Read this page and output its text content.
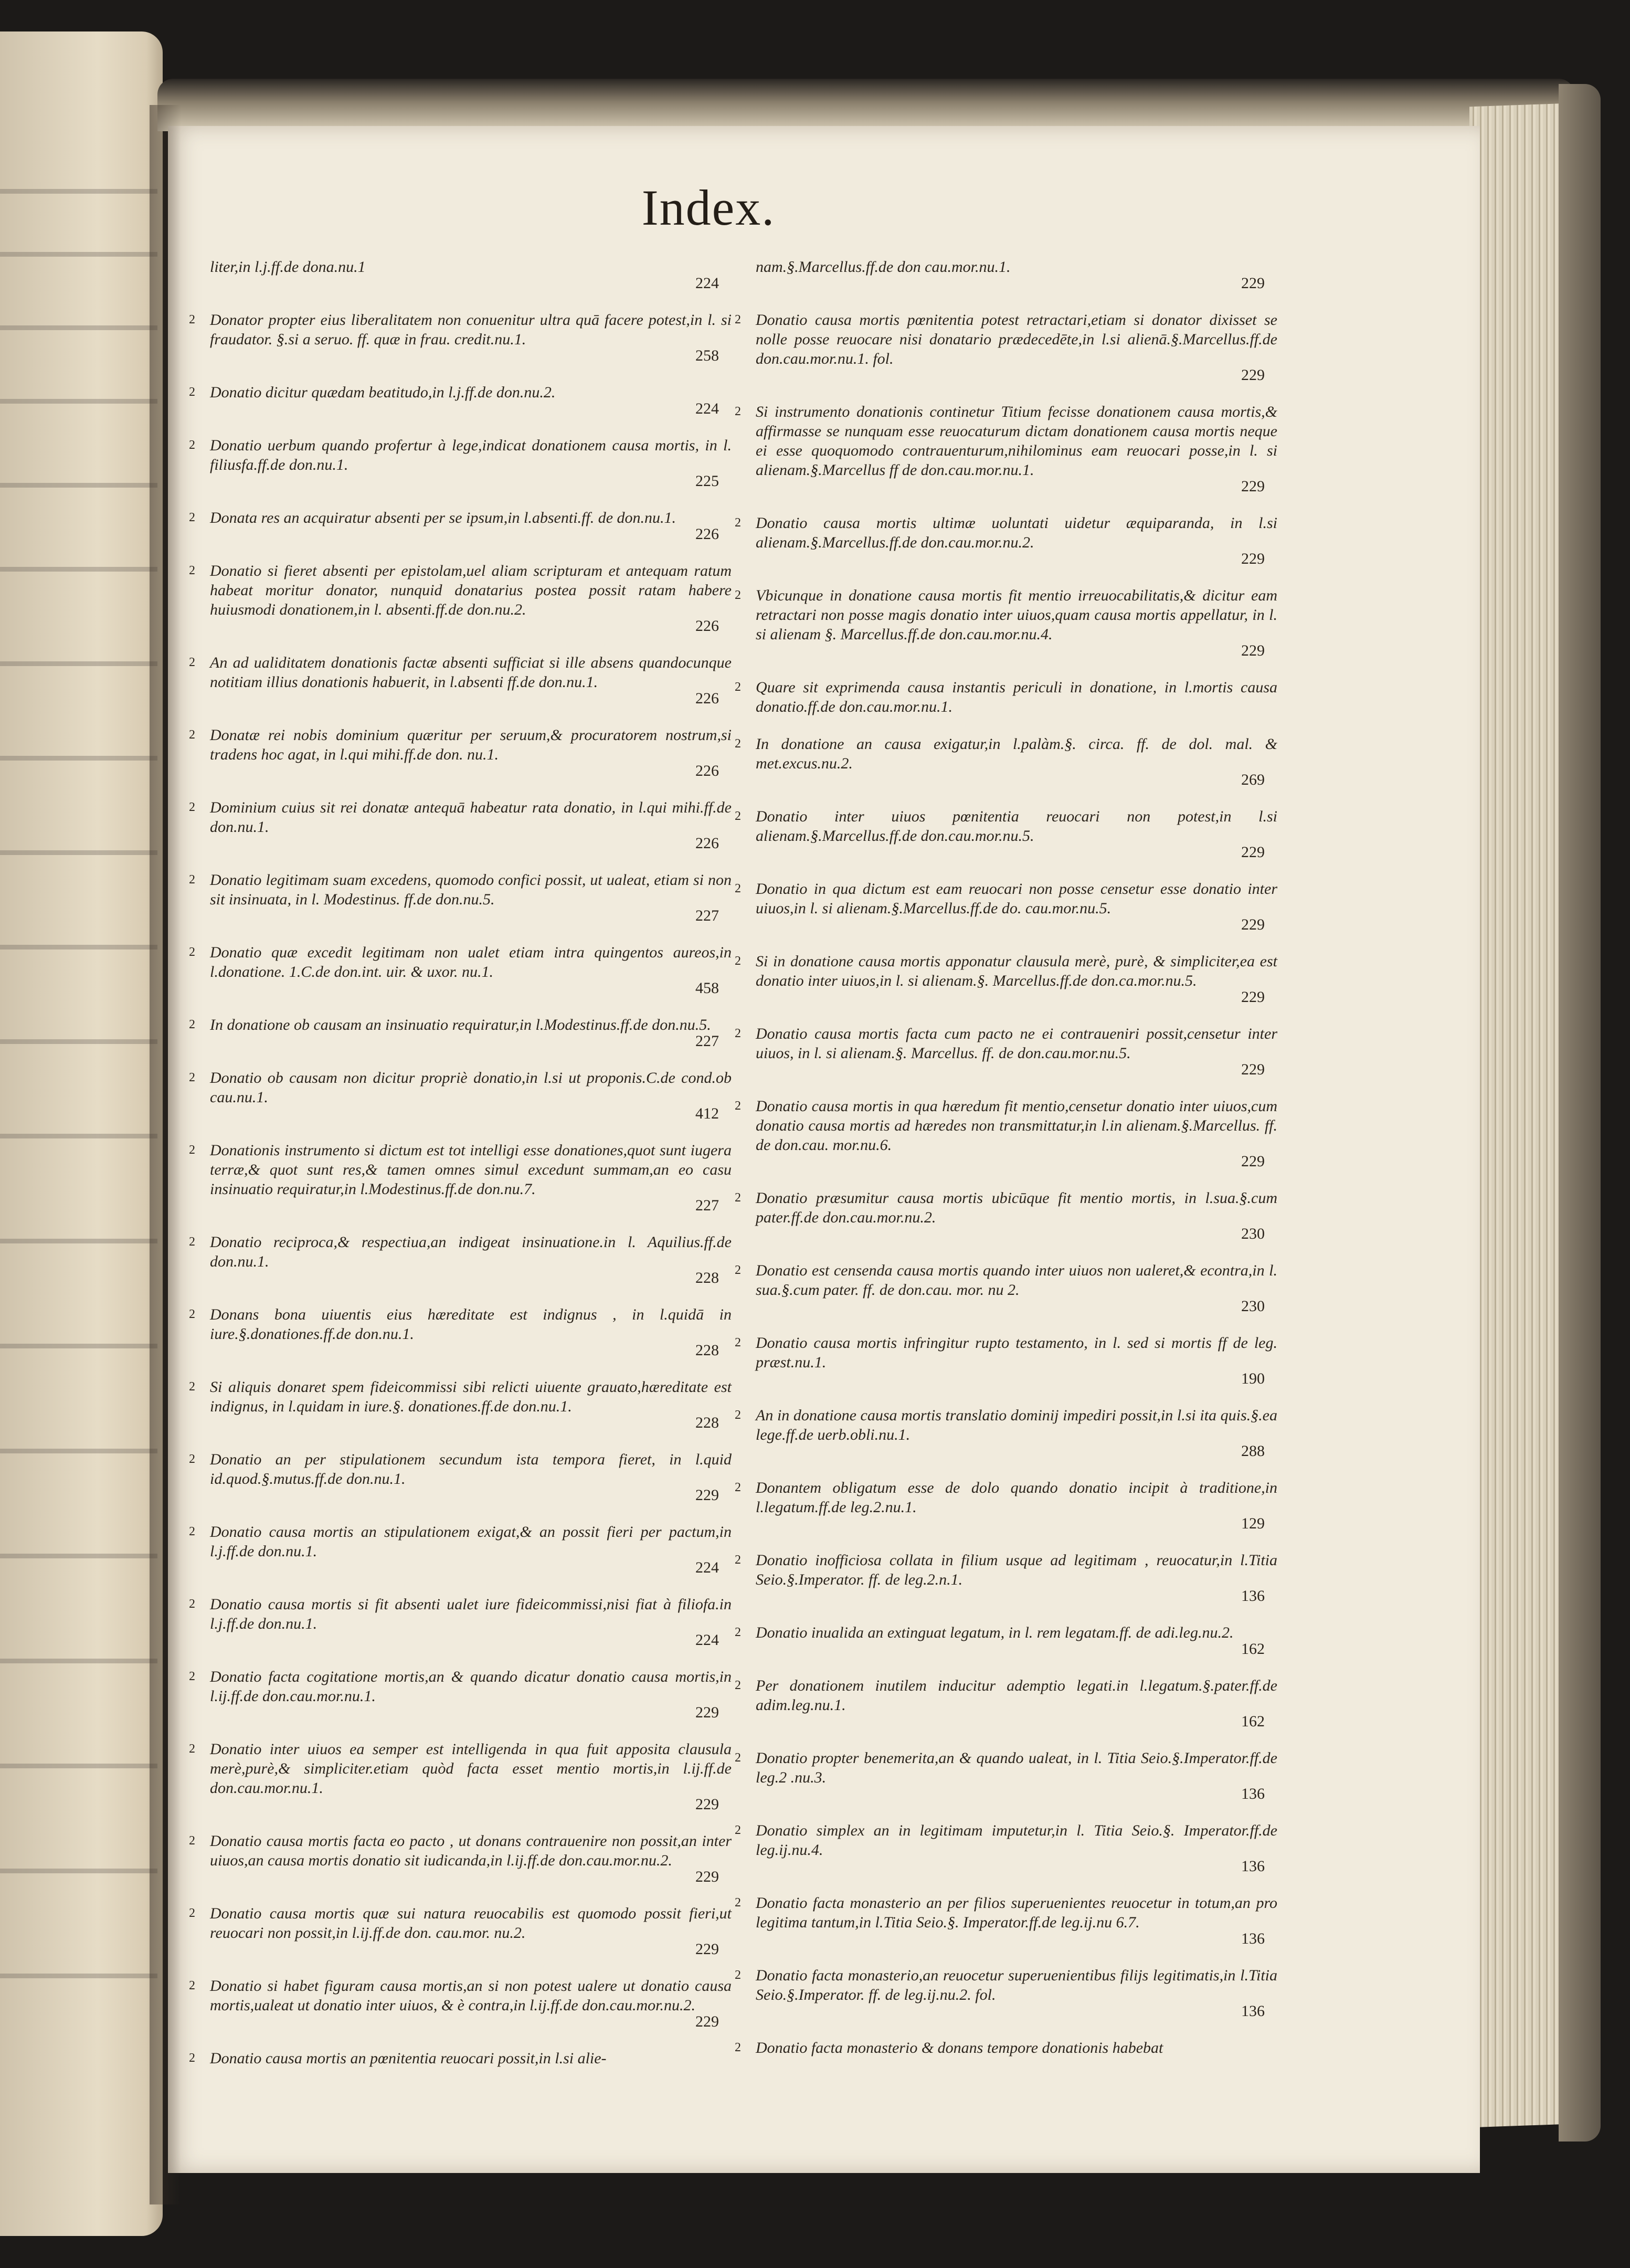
Index.
liter,in l.j.ff.de dona.nu.1
224
2 Donator propter eius liberalitatem non conuenitur ultra quā facere potest,in l. si fraudator. §.si a seruo. ff. quæ in frau. credit.nu.1.
258
2 Donatio dicitur quædam beatitudo,in l.j.ff.de don.nu.2.
224
2 Donatio uerbum quando profertur à lege,indicat donationem causa mortis, in l. filiusfa.ff.de don.nu.1.
225
2 Donata res an acquiratur absenti per se ipsum,in l.absenti.ff. de don.nu.1.
226
2 Donatio si fieret absenti per epistolam,uel aliam scripturam et antequam ratum habeat moritur donator, nunquid donatarius postea possit ratam habere huiusmodi donationem,in l. absenti.ff.de don.nu.2.
226
2 An ad ualiditatem donationis factæ absenti sufficiat si ille absens quandocunque notitiam illius donationis habuerit, in l.absenti ff.de don.nu.1.
226
2 Donatæ rei nobis dominium quæritur per seruum,& procuratorem nostrum,si tradens hoc agat, in l.qui mihi.ff.de don. nu.1.
226
2 Dominium cuius sit rei donatæ antequā habeatur rata donatio, in l.qui mihi.ff.de don.nu.1.
226
2 Donatio legitimam suam excedens, quomodo confici possit, ut ualeat, etiam si non sit insinuata, in l. Modestinus. ff.de don.nu.5.
227
2 Donatio quæ excedit legitimam non ualet etiam intra quingentos aureos,in l.donatione. 1.C.de don.int. uir. & uxor. nu.1.
458
2 In donatione ob causam an insinuatio requiratur,in l.Modestinus.ff.de don.nu.5.
227
2 Donatio ob causam non dicitur propriè donatio,in l.si ut proponis.C.de cond.ob cau.nu.1.
412
2 Donationis instrumento si dictum est tot intelligi esse donationes,quot sunt iugera terræ,& quot sunt res,& tamen omnes simul excedunt summam,an eo casu insinuatio requiratur,in l.Modestinus.ff.de don.nu.7.
227
2 Donatio reciproca,& respectiua,an indigeat insinuatione.in l. Aquilius.ff.de don.nu.1.
228
2 Donans bona uiuentis eius hæreditate est indignus , in l.quidā in iure.§.donationes.ff.de don.nu.1.
228
2 Si aliquis donaret spem fideicommissi sibi relicti uiuente grauato,hæreditate est indignus, in l.quidam in iure.§. donationes.ff.de don.nu.1.
228
2 Donatio an per stipulationem secundum ista tempora fieret, in l.quid id.quod.§.mutus.ff.de don.nu.1.
229
2 Donatio causa mortis an stipulationem exigat,& an possit fieri per pactum,in l.j.ff.de don.nu.1.
224
2 Donatio causa mortis si fit absenti ualet iure fideicommissi,nisi fiat à filiofa.in l.j.ff.de don.nu.1.
224
2 Donatio facta cogitatione mortis,an & quando dicatur donatio causa mortis,in l.ij.ff.de don.cau.mor.nu.1.
229
2 Donatio inter uiuos ea semper est intelligenda in qua fuit apposita clausula merè,purè,& simpliciter.etiam quòd facta esset mentio mortis,in l.ij.ff.de don.cau.mor.nu.1.
229
2 Donatio causa mortis facta eo pacto , ut donans contrauenire non possit,an inter uiuos,an causa mortis donatio sit iudicanda,in l.ij.ff.de don.cau.mor.nu.2.
229
2 Donatio causa mortis quæ sui natura reuocabilis est quomodo possit fieri,ut reuocari non possit,in l.ij.ff.de don. cau.mor. nu.2.
229
2 Donatio si habet figuram causa mortis,an si non potest ualere ut donatio causa mortis,ualeat ut donatio inter uiuos, & è contra,in l.ij.ff.de don.cau.mor.nu.2.
229
2 Donatio causa mortis an pœnitentia reuocari possit,in l.si alie-
nam.§.Marcellus.ff.de don cau.mor.nu.1.
229
2 Donatio causa mortis pœnitentia potest retractari,etiam si donator dixisset se nolle posse reuocare nisi donatario prædecedēte,in l.si alienā.§.Marcellus.ff.de don.cau.mor.nu.1. fol.
229
2 Si instrumento donationis continetur Titium fecisse donationem causa mortis,& affirmasse se nunquam esse reuocaturum dictam donationem causa mortis neque ei esse quoquomodo contrauenturum,nihilominus eam reuocari posse,in l. si alienam.§.Marcellus ff de don.cau.mor.nu.1.
229
2 Donatio causa mortis ultimæ uoluntati uidetur æquiparanda, in l.si alienam.§.Marcellus.ff.de don.cau.mor.nu.2.
229
2 Vbicunque in donatione causa mortis fit mentio irreuocabilitatis,& dicitur eam retractari non posse magis donatio inter uiuos,quam causa mortis appellatur, in l. si alienam §. Marcellus.ff.de don.cau.mor.nu.4.
229
2 Quare sit exprimenda causa instantis periculi in donatione, in l.mortis causa donatio.ff.de don.cau.mor.nu.1.
2 In donatione an causa exigatur,in l.palàm.§. circa. ff. de dol. mal. & met.excus.nu.2.
269
2 Donatio inter uiuos pœnitentia reuocari non potest,in l.si alienam.§.Marcellus.ff.de don.cau.mor.nu.5.
229
2 Donatio in qua dictum est eam reuocari non posse censetur esse donatio inter uiuos,in l. si alienam.§.Marcellus.ff.de do. cau.mor.nu.5.
229
2 Si in donatione causa mortis apponatur clausula merè, purè, & simpliciter,ea est donatio inter uiuos,in l. si alienam.§. Marcellus.ff.de don.ca.mor.nu.5.
229
2 Donatio causa mortis facta cum pacto ne ei contraueniri possit,censetur inter uiuos, in l. si alienam.§. Marcellus. ff. de don.cau.mor.nu.5.
229
2 Donatio causa mortis in qua hæredum fit mentio,censetur donatio inter uiuos,cum donatio causa mortis ad hæredes non transmittatur,in l.in alienam.§.Marcellus. ff. de don.cau. mor.nu.6.
229
2 Donatio præsumitur causa mortis ubicūque fit mentio mortis, in l.sua.§.cum pater.ff.de don.cau.mor.nu.2.
230
2 Donatio est censenda causa mortis quando inter uiuos non ualeret,& econtra,in l. sua.§.cum pater. ff. de don.cau. mor. nu 2.
230
2 Donatio causa mortis infringitur rupto testamento, in l. sed si mortis ff de leg. præst.nu.1.
190
2 An in donatione causa mortis translatio dominij impediri possit,in l.si ita quis.§.ea lege.ff.de uerb.obli.nu.1.
288
2 Donantem obligatum esse de dolo quando donatio incipit à traditione,in l.legatum.ff.de leg.2.nu.1.
129
2 Donatio inofficiosa collata in filium usque ad legitimam , reuocatur,in l.Titia Seio.§.Imperator. ff. de leg.2.n.1.
136
2 Donatio inualida an extinguat legatum, in l. rem legatam.ff. de adi.leg.nu.2.
162
2 Per donationem inutilem inducitur ademptio legati.in l.legatum.§.pater.ff.de adim.leg.nu.1.
162
2 Donatio propter benemerita,an & quando ualeat, in l. Titia Seio.§.Imperator.ff.de leg.2 .nu.3.
136
2 Donatio simplex an in legitimam imputetur,in l. Titia Seio.§. Imperator.ff.de leg.ij.nu.4.
136
2 Donatio facta monasterio an per filios superuenientes reuocetur in totum,an pro legitima tantum,in l.Titia Seio.§. Imperator.ff.de leg.ij.nu 6.7.
136
2 Donatio facta monasterio,an reuocetur superuenientibus filijs legitimatis,in l.Titia Seio.§.Imperator. ff. de leg.ij.nu.2. fol.
136
2 Donatio facta monasterio & donans tempore donationis habebat
